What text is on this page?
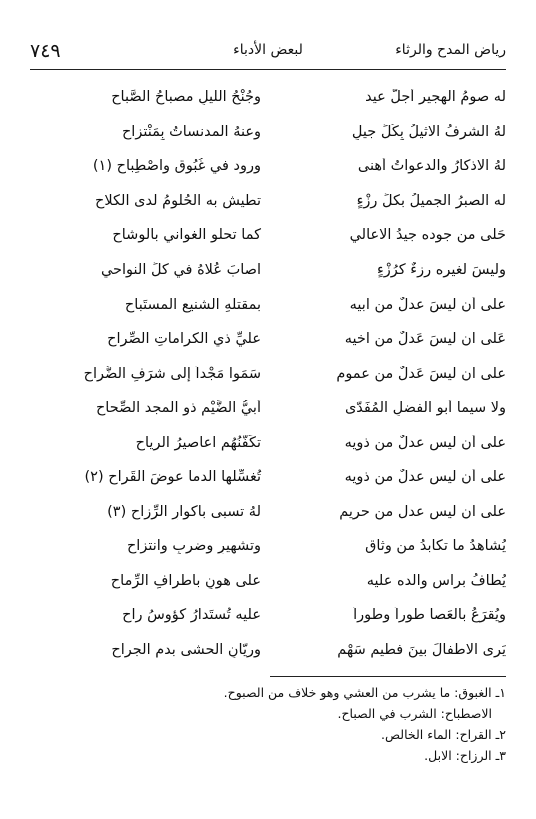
رياض المدح والرثاء
لبعض الأدباء
٧٤٩
له صومُ الهجير أجلُّ عيد
وجُنْحُ الليلِ مصباحُ الصَّباح
لهُ الشرفُ الاثيلُ بِكُلِّ جيلٍ
وعنهُ المدنساتُ بِمَنْتزاحٍ
لهُ الاذكارُ والدعواتُ أهنى
ورود في غُبُوقٍ واصْطِباحِ (١)
له الصبرُ الجميلُ بكلِّ رزْءٍ
تطيش به الحُلومُ لدى الكلاحِ
حَلى من جوده جيدُ الاعالي
كما تحلو الغواني بالوشاحِ
وليسَ لغيره رزءٌ كرُزْءٍ
اصابَ عُلاهُ في كلِّ النواحي
على أن ليسَ عدلٌ من ابيه
بمقتلهِ الشنيعِ المستَباحِ
عَلى ان ليسَ عَدلٌ من اخيه
عليِّ ذي الكراماتِ الصِّراحِ
على ان ليسَ عَدلٌ من عمومٍ
سَمَوا مَجْداً إلى شرَفِ الضُّراحِ
ولا سيما أبو الفضلِ المُفَدّى
أبيُّ الضَّيْمِ ذو المجد الصِّحاحِ
على أن ليس عدلٌ من ذويه
تكَفّنُهُم اعاصيرُ الرياحِ
على أن ليس عدلٌ من ذويه
تُغسِّلها الدما عوضَ القَراحِ (٢)
على ان ليس عدل من حريم
لهُ تسبى باكوارِ الرِّزاحِ (٣)
يُشاهدُ ما تكابدُ من وثاقٍ
وتشهيرٍ وضربٍ وانتزاحِ
يُطافُ براسِ والده عليه
على هونٍ باطرافِ الرِّماحِ
ويُقرَعُ بالعَصا طوراً وطوراً
عليه تُستَدارُ كؤوسُ راحِ
يَرى الاطفالَ بينَ فطيمِ سَهْمٍ
وريّانِ الحشى بدمِ الجراحِ
١ـ الغبوق: ما يشرب من العشي وهو خلاف من الصبوح.
الاصطباح: الشرب في الصباح.
٢ـ القراح: الماء الخالص.
٣ـ الرزاح: الابل.
